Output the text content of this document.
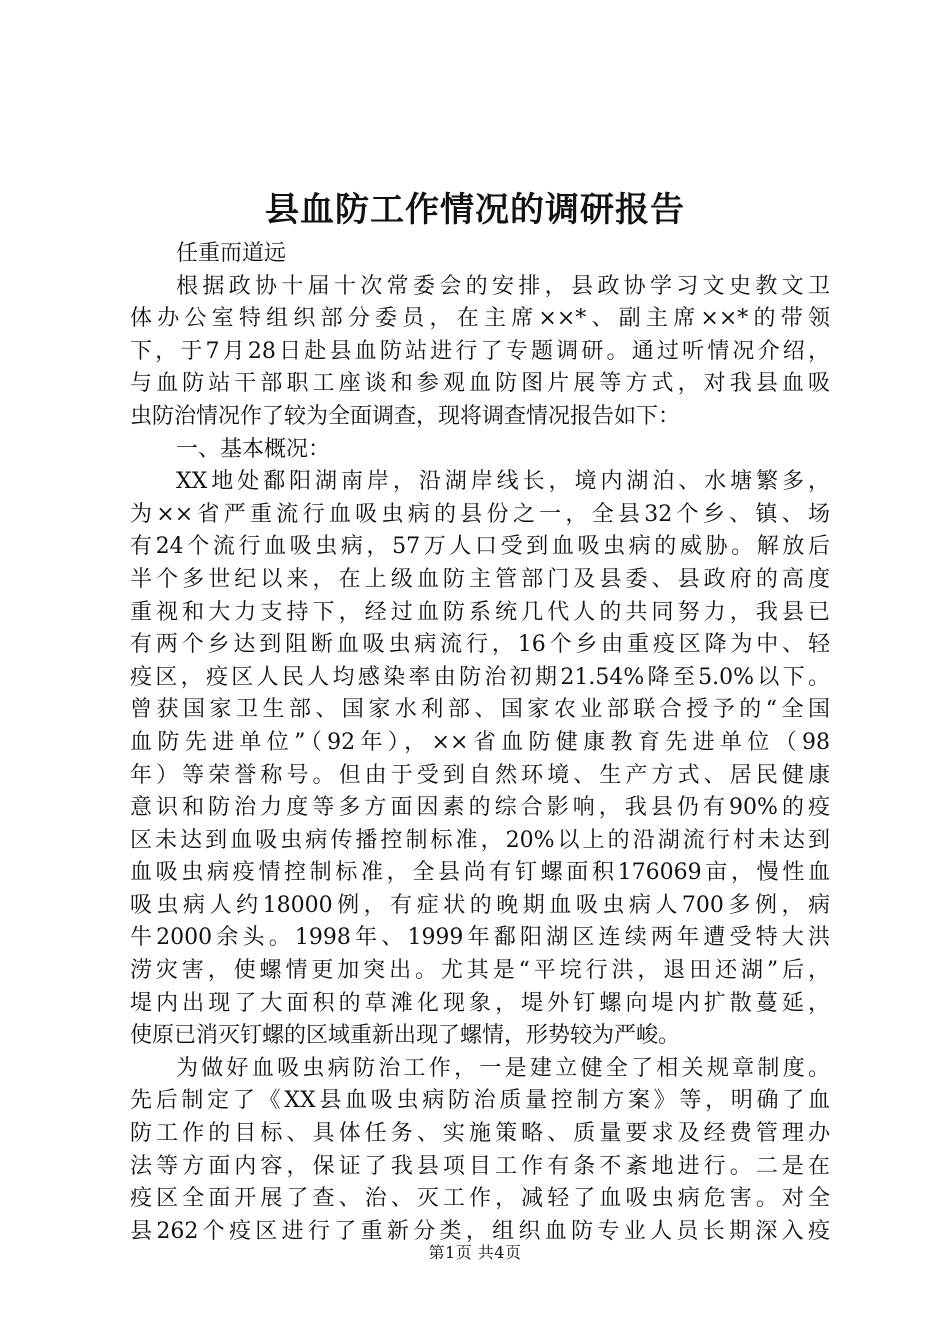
县血防工作情况的调研报告
任重而道远
根据政协十届十次常委会的安排，县政协学习文史教文卫
体办公室特组织部分委员，在主席××*、副主席××*的带领
下，于7月28日赴县血防站进行了专题调研。通过听情况介绍，
与血防站干部职工座谈和参观血防图片展等方式，对我县血吸
虫防治情况作了较为全面调查，现将调查情况报告如下：
一、基本概况：
XX地处鄱阳湖南岸，沿湖岸线长，境内湖泊、水塘繁多，
为××省严重流行血吸虫病的县份之一，全县32个乡、镇、场
有24个流行血吸虫病，57万人口受到血吸虫病的威胁。解放后
半个多世纪以来，在上级血防主管部门及县委、县政府的高度
重视和大力支持下，经过血防系统几代人的共同努力，我县已
有两个乡达到阻断血吸虫病流行，16个乡由重疫区降为中、轻
疫区，疫区人民人均感染率由防治初期21.54%降至5.0%以下。
曾获国家卫生部、国家水利部、国家农业部联合授予的“全国
血防先进单位”（92年），××省血防健康教育先进单位（98
年）等荣誉称号。但由于受到自然环境、生产方式、居民健康
意识和防治力度等多方面因素的综合影响，我县仍有90%的疫
区未达到血吸虫病传播控制标准，20%以上的沿湖流行村未达到
血吸虫病疫情控制标准，全县尚有钉螺面积176069亩，慢性血
吸虫病人约18000例，有症状的晚期血吸虫病人700多例，病
牛2000余头。1998年、1999年鄱阳湖区连续两年遭受特大洪
涝灾害，使螺情更加突出。尤其是“平垸行洪，退田还湖”后，
堤内出现了大面积的草滩化现象，堤外钉螺向堤内扩散蔓延，
使原已消灭钉螺的区域重新出现了螺情，形势较为严峻。
为做好血吸虫病防治工作，一是建立健全了相关规章制度。
先后制定了《XX县血吸虫病防治质量控制方案》等，明确了血
防工作的目标、具体任务、实施策略、质量要求及经费管理办
法等方面内容，保证了我县项目工作有条不紊地进行。二是在
疫区全面开展了查、治、灭工作，减轻了血吸虫病危害。对全
县262个疫区进行了重新分类，组织血防专业人员长期深入疫
第1页 共4页
